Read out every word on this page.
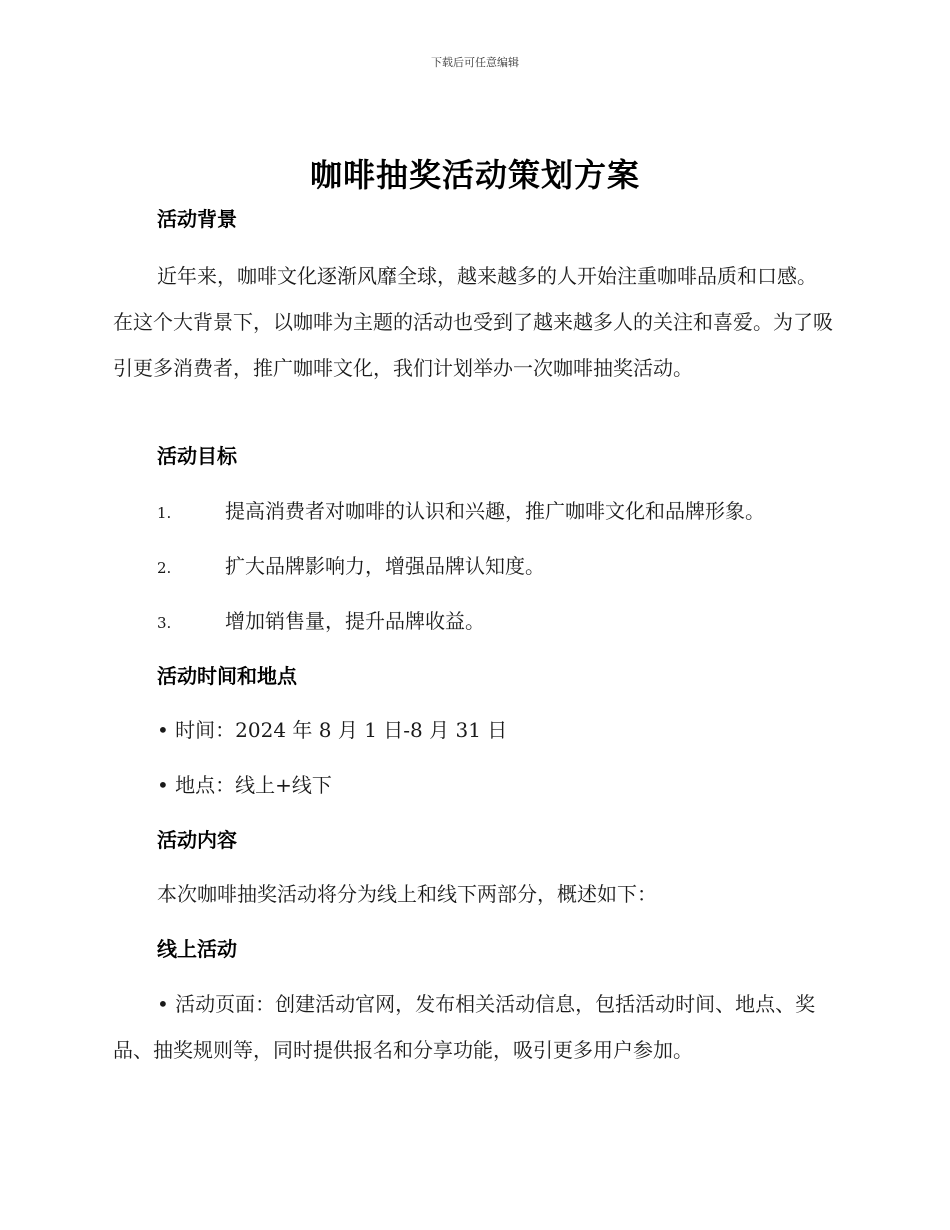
下载后可任意编辑
咖啡抽奖活动策划方案
活动背景
近年来，咖啡文化逐渐风靡全球，越来越多的人开始注重咖啡品质和口感。在这个大背景下，以咖啡为主题的活动也受到了越来越多人的关注和喜爱。为了吸引更多消费者，推广咖啡文化，我们计划举办一次咖啡抽奖活动。
活动目标
1.	提高消费者对咖啡的认识和兴趣，推广咖啡文化和品牌形象。
2.	扩大品牌影响力，增强品牌认知度。
3.	增加销售量，提升品牌收益。
活动时间和地点
• 时间：2024 年 8 月 1 日-8 月 31 日
• 地点：线上+线下
活动内容
本次咖啡抽奖活动将分为线上和线下两部分，概述如下：
线上活动
• 活动页面：创建活动官网，发布相关活动信息，包括活动时间、地点、奖品、抽奖规则等，同时提供报名和分享功能，吸引更多用户参加。
